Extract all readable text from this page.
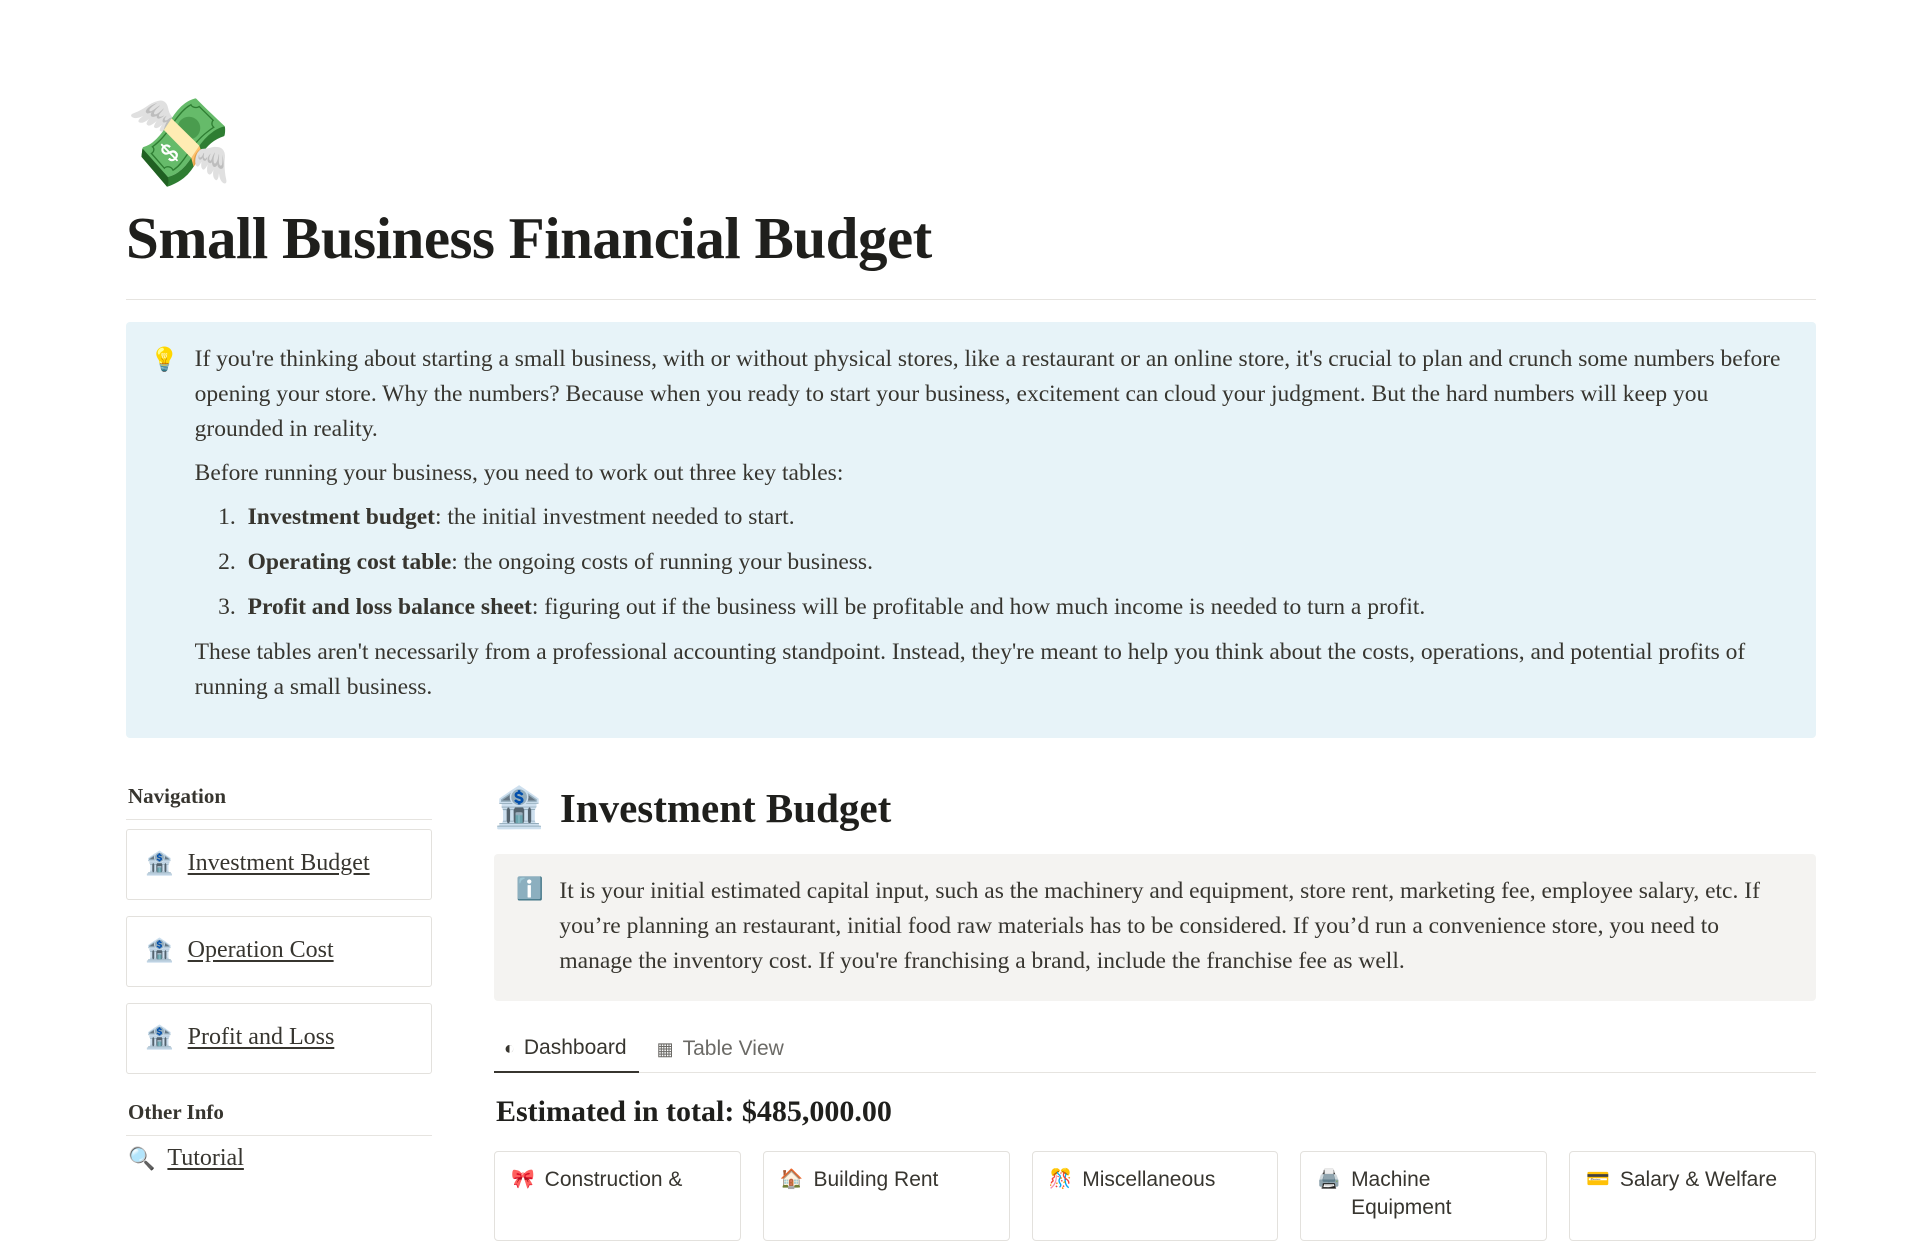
💸
Small Business Financial Budget
💡 If you're thinking about starting a small business, with or without physical stores, like a restaurant or an online store, it's crucial to plan and crunch some numbers before opening your store. Why the numbers? Because when you ready to start your business, excitement can cloud your judgment. But the hard numbers will keep you grounded in reality.

Before running your business, you need to work out three key tables:

1. Investment budget: the initial investment needed to start.
2. Operating cost table: the ongoing costs of running your business.
3. Profit and loss balance sheet: figuring out if the business will be profitable and how much income is needed to turn a profit.

These tables aren't necessarily from a professional accounting standpoint. Instead, they're meant to help you think about the costs, operations, and potential profits of running a small business.

Navigation
🏦 Investment Budget
🏦 Operation Cost
🏦 Profit and Loss
Other Info
🔍 Tutorial
🏦 Investment Budget
ℹ️ It is your initial estimated capital input, such as the machinery and equipment, store rent, marketing fee, employee salary, etc. If you’re planning an restaurant, initial food raw materials has to be considered. If you’d run a convenience store, you need to manage the inventory cost. If you're franchising a brand, include the franchise fee as well.
◐ Dashboard ▦ Table View
Estimated in total: $485,000.00
🎀 Construction &	🏠 Building Rent	🎊 Miscellaneous	🖨️ Machine Equipment
💳 Salary & Welfare
